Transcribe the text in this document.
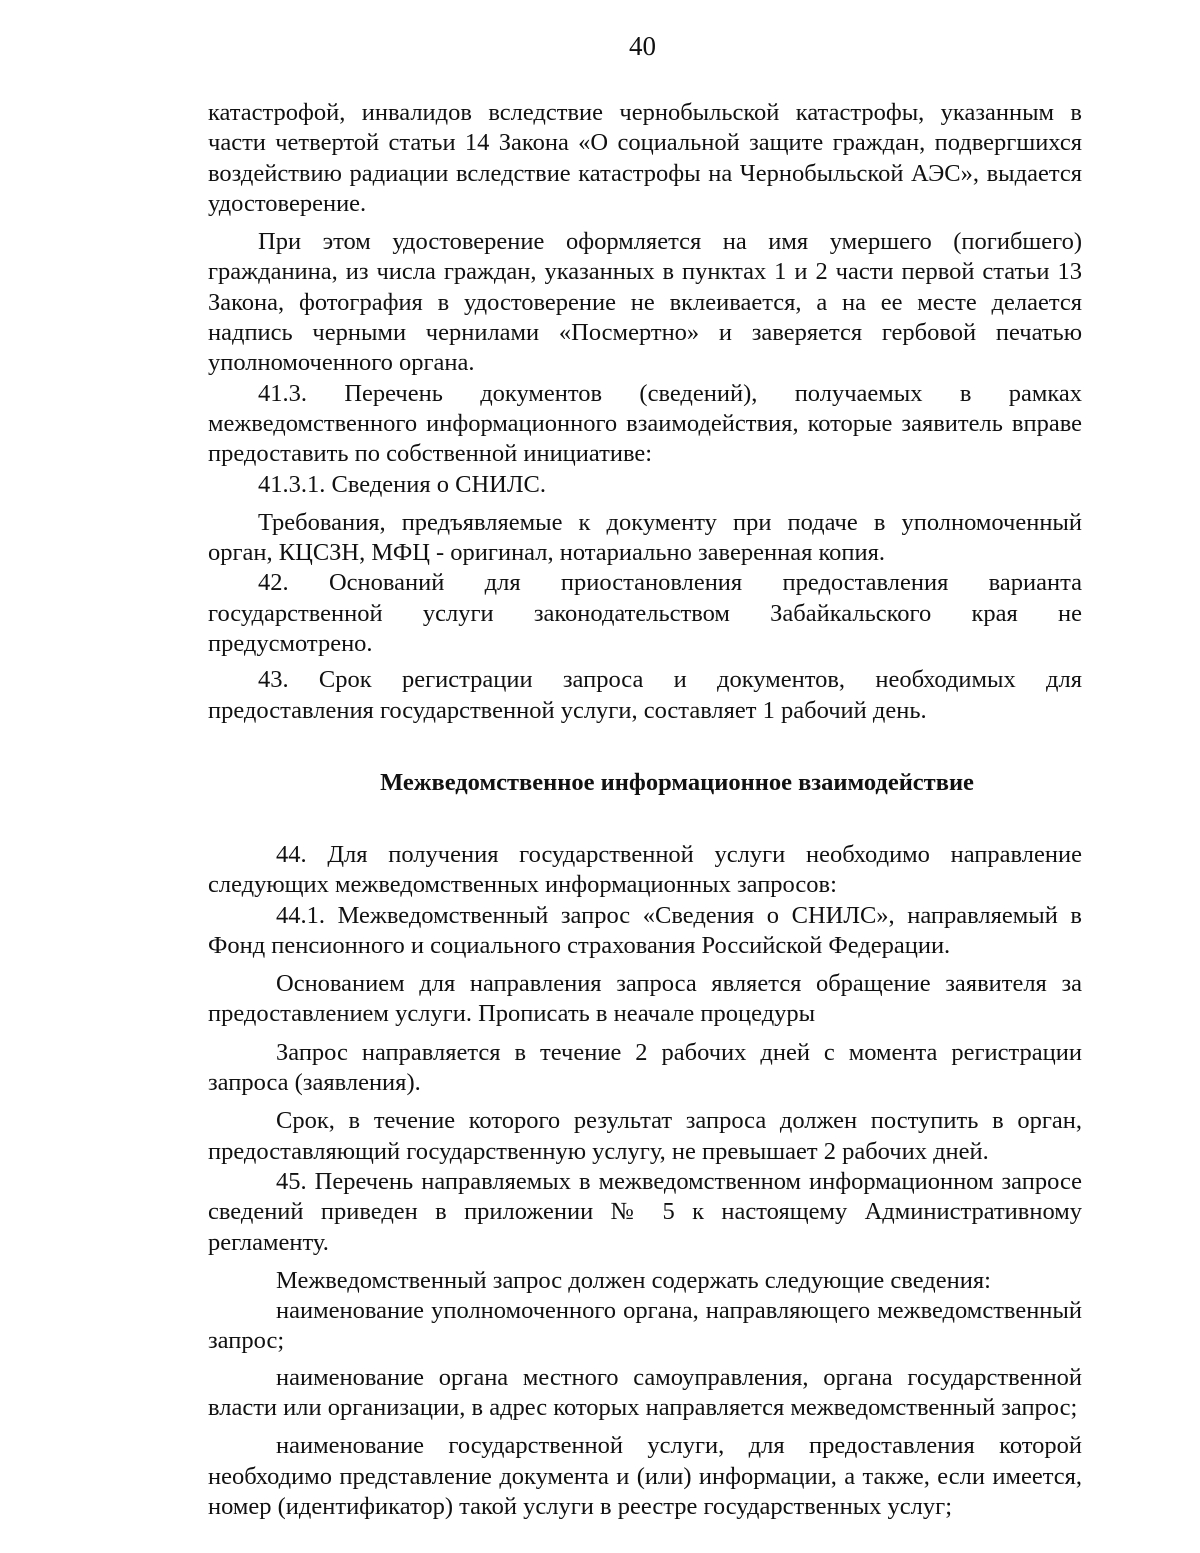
40

катастрофой, инвалидов вследствие чернобыльской катастрофы, указанным в части четвертой статьи 14 Закона «О социальной защите граждан, подвергшихся воздействию радиации вследствие катастрофы на Чернобыльской АЭС», выдается удостоверение.

При этом удостоверение оформляется на имя умершего (погибшего) гражданина, из числа граждан, указанных в пунктах 1 и 2 части первой статьи 13 Закона, фотография в удостоверение не вклеивается, а на ее месте делается надпись черными чернилами «Посмертно» и заверяется гербовой печатью уполномоченного органа.

41.3. Перечень документов (сведений), получаемых в рамках межведомственного информационного взаимодействия, которые заявитель вправе предоставить по собственной инициативе:

41.3.1. Сведения о СНИЛС.

Требования, предъявляемые к документу при подаче в уполномоченный орган, КЦСЗН, МФЦ - оригинал, нотариально заверенная копия.

42. Оснований для приостановления предоставления варианта государственной услуги законодательством Забайкальского края не предусмотрено.

43. Срок регистрации запроса и документов, необходимых для предоставления государственной услуги, составляет 1 рабочий день.

Межведомственное информационное взаимодействие

44. Для получения государственной услуги необходимо направление следующих межведомственных информационных запросов:

44.1. Межведомственный запрос «Сведения о СНИЛС», направляемый в Фонд пенсионного и социального страхования Российской Федерации.

Основанием для направления запроса является обращение заявителя за предоставлением услуги. Прописать в неачале процедуры

Запрос направляется в течение 2 рабочих дней с момента регистрации запроса (заявления).

Срок, в течение которого результат запроса должен поступить в орган, предоставляющий государственную услугу, не превышает 2 рабочих дней.

45. Перечень направляемых в межведомственном информационном запросе сведений приведен в приложении № 5 к настоящему Административному регламенту.

Межведомственный запрос должен содержать следующие сведения:

наименование уполномоченного органа, направляющего межведомственный запрос;

наименование органа местного самоуправления, органа государственной власти или организации, в адрес которых направляется межведомственный запрос;

наименование государственной услуги, для предоставления которой необходимо представление документа и (или) информации, а также, если имеется, номер (идентификатор) такой услуги в реестре государственных услуг;
